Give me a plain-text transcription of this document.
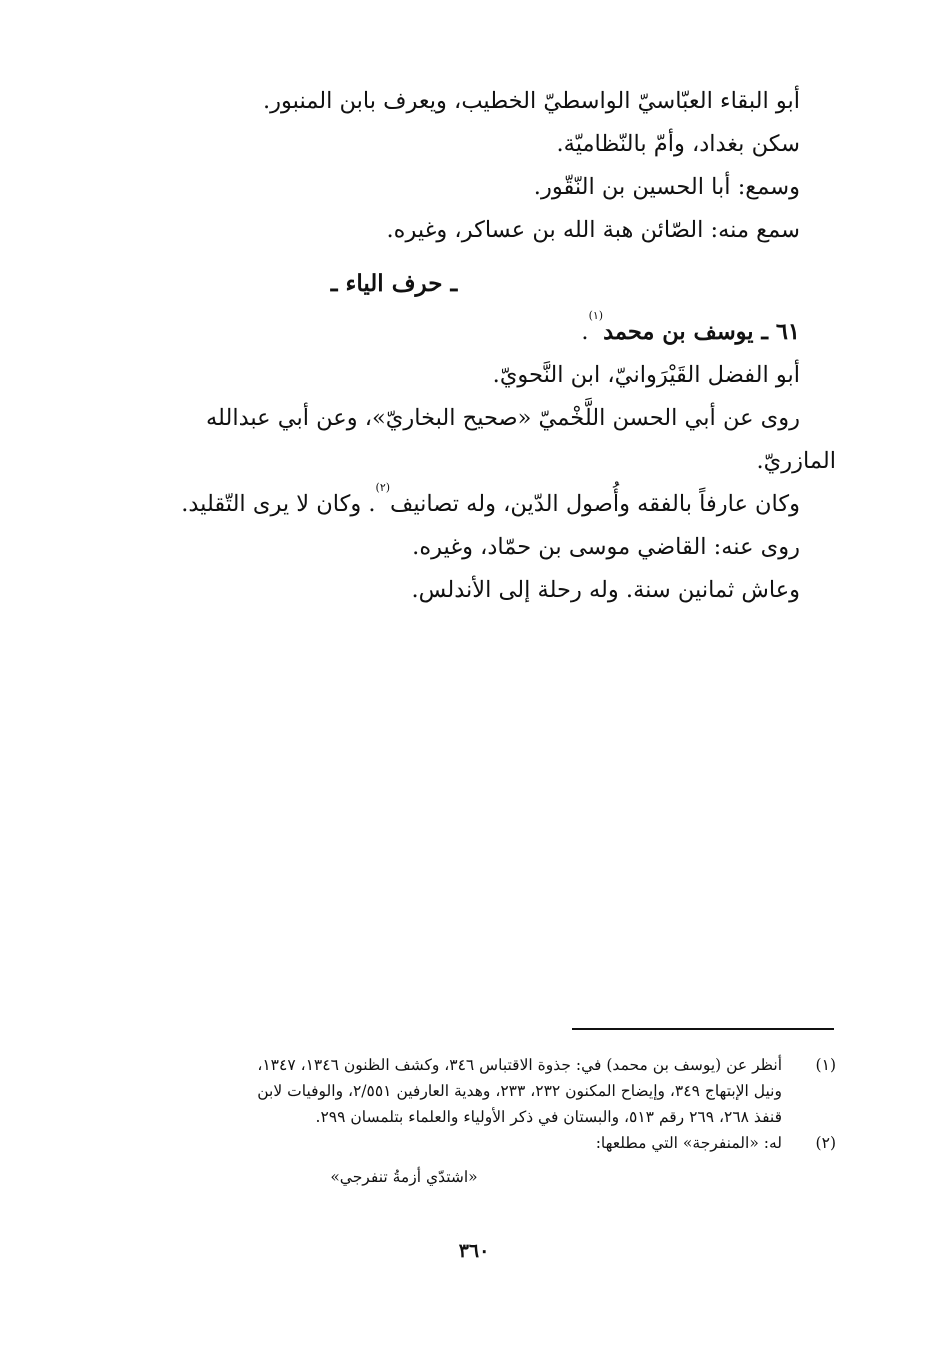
أبو البقاء العبّاسيّ الواسطيّ الخطيب، ويعرف بابن المنبور.
سكن بغداد، وأمّ بالنّظاميّة.
وسمع: أبا الحسين بن النّقّور.
سمع منه: الصّائن هبة الله بن عساكر، وغيره.
ـ حرف الياء ـ
٦١ ـ يوسف بن محمد$^{(١)}$.
أبو الفضل القَيْرَوانيّ، ابن النَّحويّ.
روى عن أبي الحسن اللَّخْميّ «صحيح البخاريّ»، وعن أبي عبدالله
المازريّ.
وكان عارفاً بالفقه وأُصول الدّين، وله تصانيف$^{(٢)}$. وكان لا يرى التّقليد.
روى عنه: القاضي موسى بن حمّاد، وغيره.
وعاش ثمانين سنة. وله رحلة إلى الأندلس.
(١)
أنظر عن (يوسف بن محمد) في: جذوة الاقتباس ٣٤٦، وكشف الظنون ١٣٤٦، ١٣٤٧،
ونيل الإبتهاج ٣٤٩، وإيضاح المكنون ٢٣٢، ٢٣٣، وهدية العارفين ٢/٥٥١، والوفيات لابن
قنفذ ٢٦٨، ٢٦٩ رقم ٥١٣، والبستان في ذكر الأولياء والعلماء بتلمسان ٢٩٩.
(٢)
له: «المنفرجة» التي مطلعها:
«اشتدّي أزمةُ تنفرجي»
٣٦٠
